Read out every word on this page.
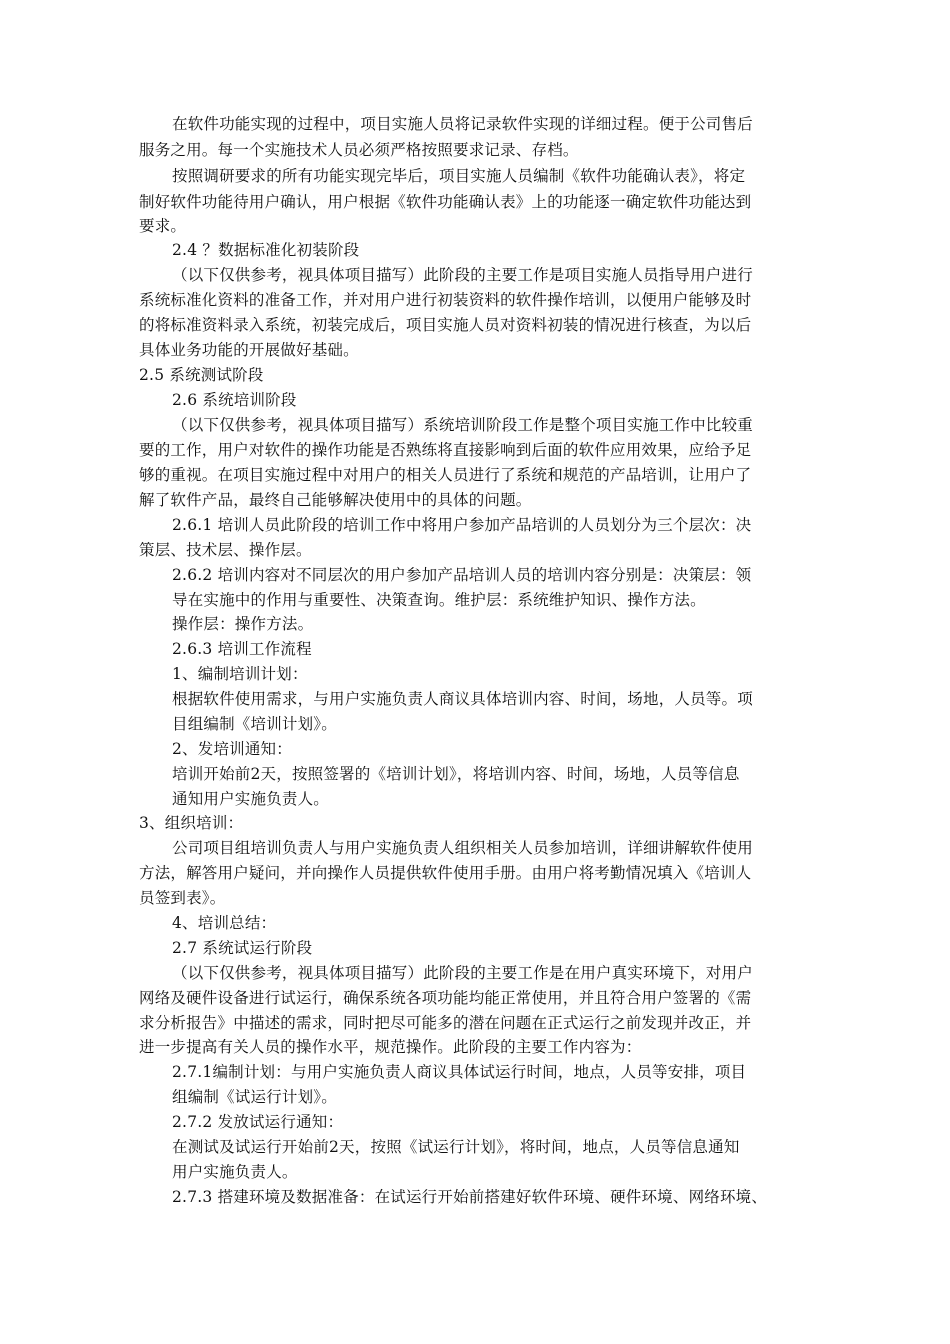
在软件功能实现的过程中，项目实施人员将记录软件实现的详细过程。便于公司售后
服务之用。每一个实施技术人员必须严格按照要求记录、存档。
按照调研要求的所有功能实现完毕后，项目实施人员编制《软件功能确认表》，将定
制好软件功能待用户确认，用户根据《软件功能确认表》上的功能逐一确定软件功能达到
要求。
2.4 ？数据标准化初装阶段
（以下仅供参考，视具体项目描写）此阶段的主要工作是项目实施人员指导用户进行
系统标准化资料的准备工作，并对用户进行初装资料的软件操作培训，以便用户能够及时
的将标准资料录入系统，初装完成后，项目实施人员对资料初装的情况进行核查，为以后
具体业务功能的开展做好基础。
2.5 系统测试阶段
2.6 系统培训阶段
（以下仅供参考，视具体项目描写）系统培训阶段工作是整个项目实施工作中比较重
要的工作，用户对软件的操作功能是否熟练将直接影响到后面的软件应用效果，应给予足
够的重视。在项目实施过程中对用户的相关人员进行了系统和规范的产品培训，让用户了
解了软件产品，最终自己能够解决使用中的具体的问题。
2.6.1 培训人员此阶段的培训工作中将用户参加产品培训的人员划分为三个层次：决
策层、技术层、操作层。
2.6.2 培训内容对不同层次的用户参加产品培训人员的培训内容分别是：决策层：领
导在实施中的作用与重要性、决策查询。维护层：系统维护知识、操作方法。
操作层：操作方法。
2.6.3 培训工作流程
1、编制培训计划：
根据软件使用需求，与用户实施负责人商议具体培训内容、时间，场地，人员等。项
目组编制《培训计划》。
2、发培训通知：
培训开始前2天，按照签署的《培训计划》，将培训内容、时间，场地，人员等信息
通知用户实施负责人。
3、组织培训：
公司项目组培训负责人与用户实施负责人组织相关人员参加培训，详细讲解软件使用
方法，解答用户疑问，并向操作人员提供软件使用手册。由用户将考勤情况填入《培训人
员签到表》。
4、培训总结：
2.7 系统试运行阶段
（以下仅供参考，视具体项目描写）此阶段的主要工作是在用户真实环境下，对用户
网络及硬件设备进行试运行，确保系统各项功能均能正常使用，并且符合用户签署的《需
求分析报告》中描述的需求，同时把尽可能多的潜在问题在正式运行之前发现并改正，并
进一步提高有关人员的操作水平，规范操作。此阶段的主要工作内容为：
2.7.1编制计划：与用户实施负责人商议具体试运行时间，地点，人员等安排，项目
组编制《试运行计划》。
2.7.2 发放试运行通知：
在测试及试运行开始前2天，按照《试运行计划》，将时间，地点，人员等信息通知
用户实施负责人。
2.7.3 搭建环境及数据准备：在试运行开始前搭建好软件环境、硬件环境、网络环境、
